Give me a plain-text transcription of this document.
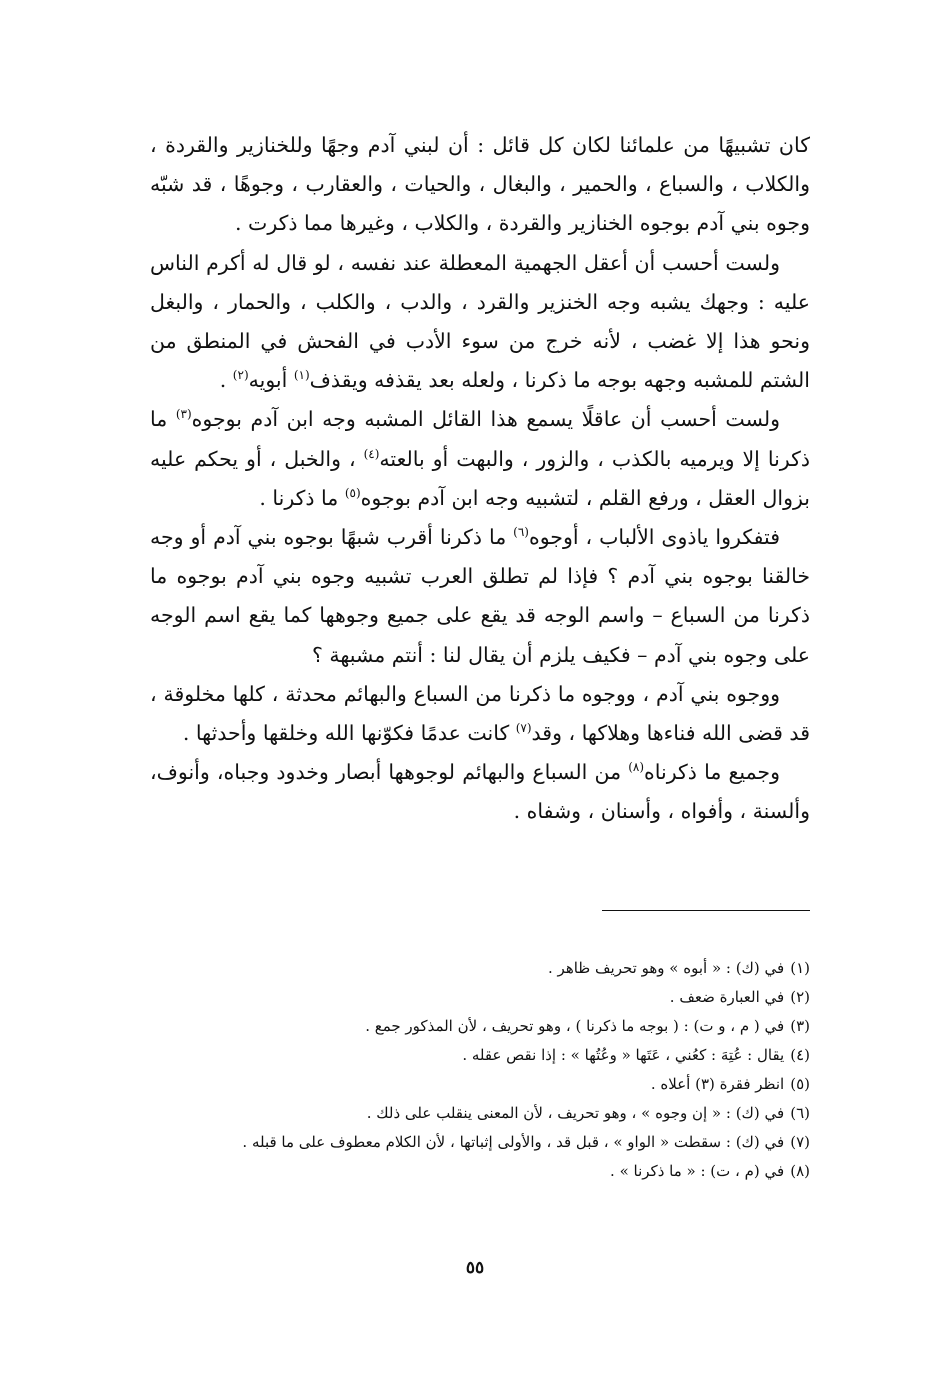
كان تشبيهًا من علمائنا لكان كل قائل : أن لبني آدم وجهًا وللخنازير والقردة ، والكلاب ، والسباع ، والحمير ، والبغال ، والحيات ، والعقارب ، وجوهًا ، قد شبّه وجوه بني آدم بوجوه الخنازير والقردة ، والكلاب ، وغيرها مما ذكرت .

ولست أحسب أن أعقل الجهمية المعطلة عند نفسه ، لو قال له أكرم الناس عليه : وجهك يشبه وجه الخنزير والقرد ، والدب ، والكلب ، والحمار ، والبغل ونحو هذا إلا غضب ، لأنه خرج من سوء الأدب في الفحش في المنطق من الشتم للمشبه وجهه بوجه ما ذكرنا ، ولعله بعد يقذفه ويقذف$^{(١)}$ أبويه$^{(٢)}$ .

ولست أحسب أن عاقلًا يسمع هذا القائل المشبه وجه ابن آدم بوجوه$^{(٣)}$ ما ذكرنا إلا ويرميه بالكذب ، والزور ، والبهت أو بالعته$^{(٤)}$ ، والخبل ، أو يحكم عليه بزوال العقل ، ورفع القلم ، لتشبيه وجه ابن آدم بوجوه$^{(٥)}$ ما ذكرنا .

فتفكروا ياذوى الألباب ، أوجوه$^{(٦)}$ ما ذكرنا أقرب شبهًا بوجوه بني آدم أو وجه خالقنا بوجوه بني آدم ؟ فإذا لم تطلق العرب تشبيه وجوه بني آدم بوجوه ما ذكرنا من السباع – واسم الوجه قد يقع على جميع وجوهها كما يقع اسم الوجه على وجوه بني آدم – فكيف يلزم أن يقال لنا : أنتم مشبهة ؟

ووجوه بني آدم ، ووجوه ما ذكرنا من السباع والبهائم محدثة ، كلها مخلوقة ، قد قضى الله فناءها وهلاكها ، وقد$^{(٧)}$ كانت عدمًا فكوّنها الله وخلقها وأحدثها .

وجميع ما ذكرناه$^{(٨)}$ من السباع والبهائم لوجوهها أبصار وخدود وجباه، وأنوف، وألسنة ، وأفواه ، وأسنان ، وشفاه .

(١)في (ك) : « أبوه » وهو تحريف ظاهر .

(٢)في العبارة ضعف .

(٣)في ( م ، و ت) : ( بوجه ما ذكرنا ) ، وهو تحريف ، لأن المذكور جمع .

(٤)يقال : عُتِهَ : كعُني ، عَتَها « وعُتُها » : إذا نقص عقله .

(٥)انظر فقرة (٣) أعلاه .

(٦)في (ك) : « إن وجوه » ، وهو تحريف ، لأن المعنى ينقلب على ذلك .

(٧)في (ك) : سقطت « الواو » ، قبل قد ، والأولى إثباتها ، لأن الكلام معطوف على ما قبله .

(٨)في (م ، ت) : « ما ذكرنا » .

٥٥
